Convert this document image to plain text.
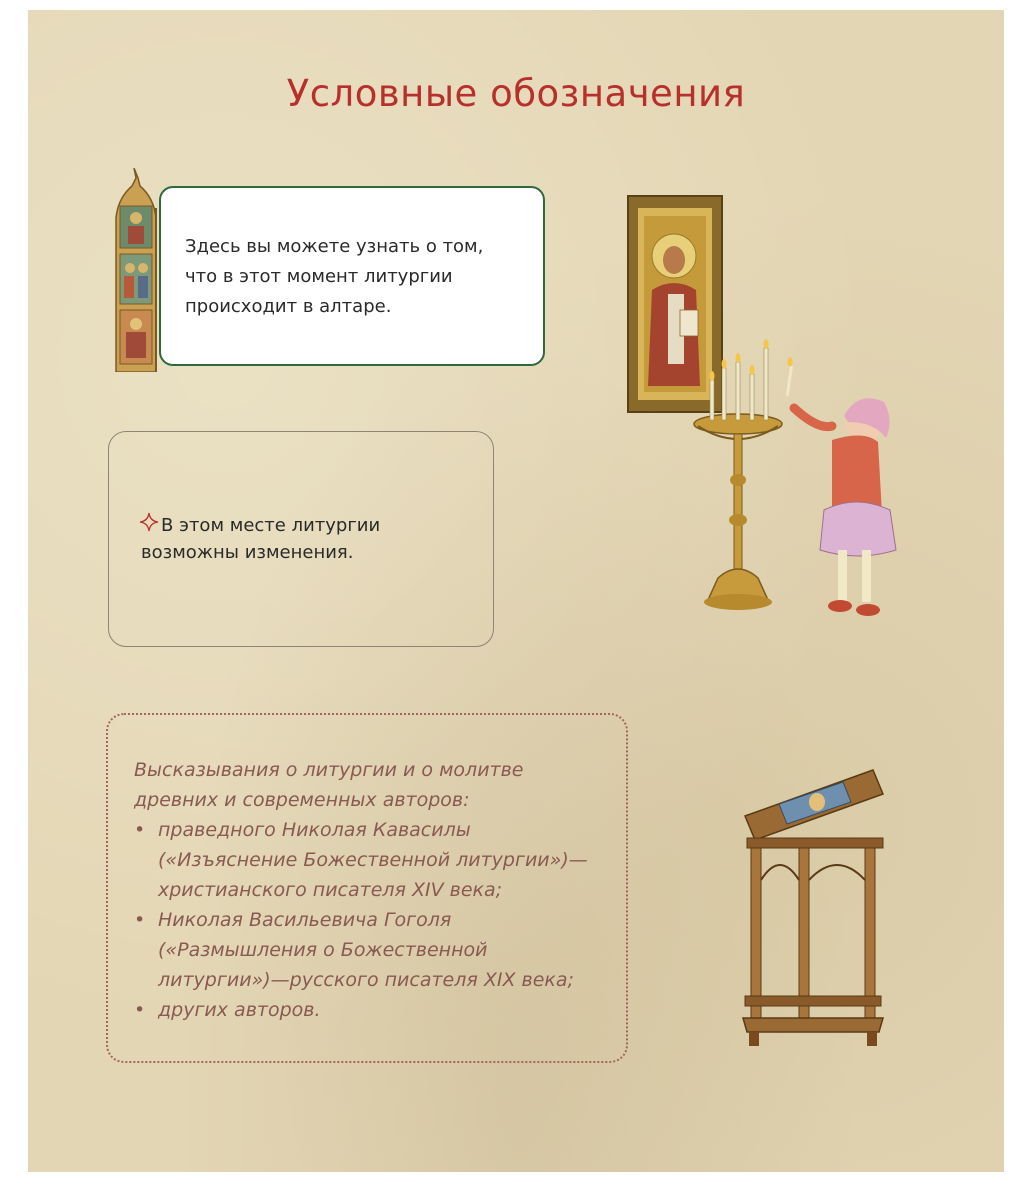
Условные обозначения
Здесь вы можете узнать о том,
что в этот момент литургии
происходит в алтаре.
В этом месте литургии
возможны изменения.
Высказывания о литургии и о молитве
древних и современных авторов:
• праведного Николая Кавасилы
(«Изъяснение Божественной литургии»)—
христианского писателя XIV века;
• Николая Васильевича Гоголя
(«Размышления о Божественной
литургии»)—русского писателя XIX века;
• других авторов.
